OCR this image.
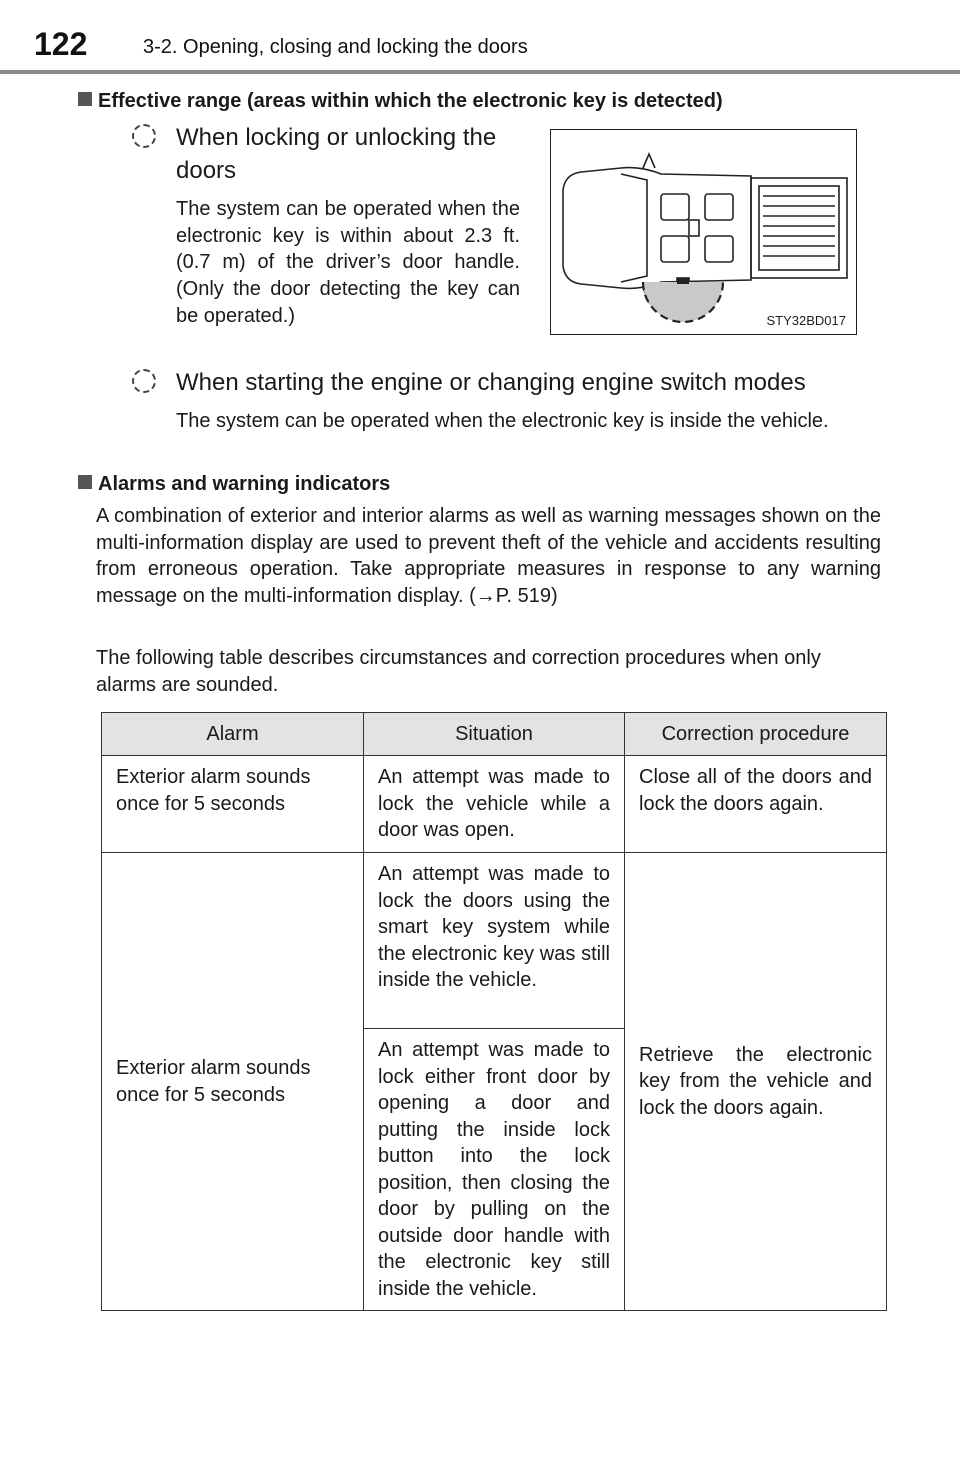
122	3-2. Opening, closing and locking the doors
Effective range (areas within which the electronic key is detected)
When locking or unlocking the
doors
The system can be operated when the electronic key is within about 2.3 ft. (0.7 m) of the driver’s door handle. (Only the door detecting the key can be operated.)	STY32BD017
When starting the engine or changing engine switch modes
The system can be operated when the electronic key is inside the vehicle.
Alarms and warning indicators
A combination of exterior and interior alarms as well as warning messages shown on the multi-information display are used to prevent theft of the vehicle and accidents resulting from erroneous operation. Take appropriate measures in response to any warning message on the multi-information display. (→P. 519)
The following table describes circumstances and correction procedures when only alarms are sounded.
Alarm	Situation	Correction procedure
Exterior alarm sounds once for 5 seconds	An attempt was made to lock the vehicle while a door was open.	Close all of the doors and lock the doors again.
Exterior alarm sounds once for 5 seconds	An attempt was made to lock the doors using the smart key system while the electronic key was still inside the vehicle.	Retrieve the electronic key from the vehicle and lock the doors again.
	An attempt was made to lock either front door by opening a door and putting the inside lock button into the lock position, then closing the door by pulling on the outside door handle with the electronic key still inside the vehicle.	
